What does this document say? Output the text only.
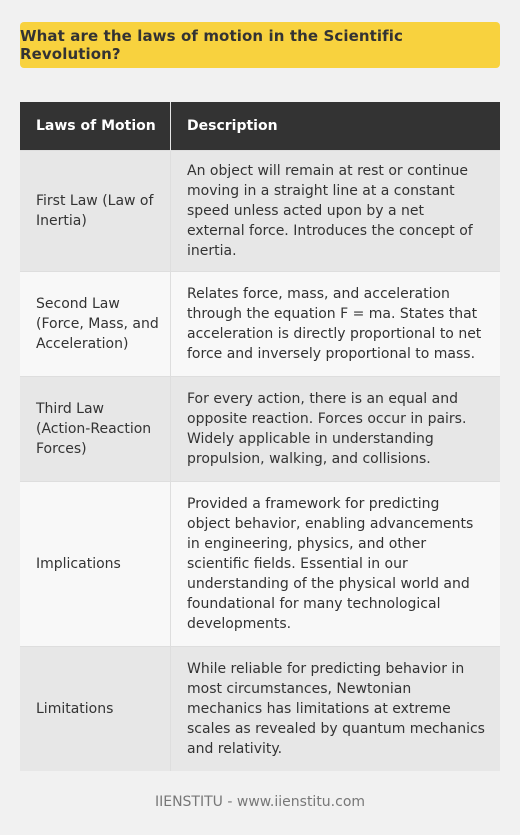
What are the laws of motion in the Scientific Revolution?
Laws of Motion	Description
First Law (Law of Inertia)	An object will remain at rest or continue moving in a straight line at a constant speed unless acted upon by a net external force. Introduces the concept of inertia.
Second Law (Force, Mass, and Acceleration)	Relates force, mass, and acceleration through the equation F = ma. States that acceleration is directly proportional to net force and inversely proportional to mass.
Third Law (Action-Reaction Forces)	For every action, there is an equal and opposite reaction. Forces occur in pairs. Widely applicable in understanding propulsion, walking, and collisions.
Implications	Provided a framework for predicting object behavior, enabling advancements in engineering, physics, and other scientific fields. Essential in our understanding of the physical world and foundational for many technological developments.
Limitations	While reliable for predicting behavior in most circumstances, Newtonian mechanics has limitations at extreme scales as revealed by quantum mechanics and relativity.
IIENSTITU - www.iienstitu.com
